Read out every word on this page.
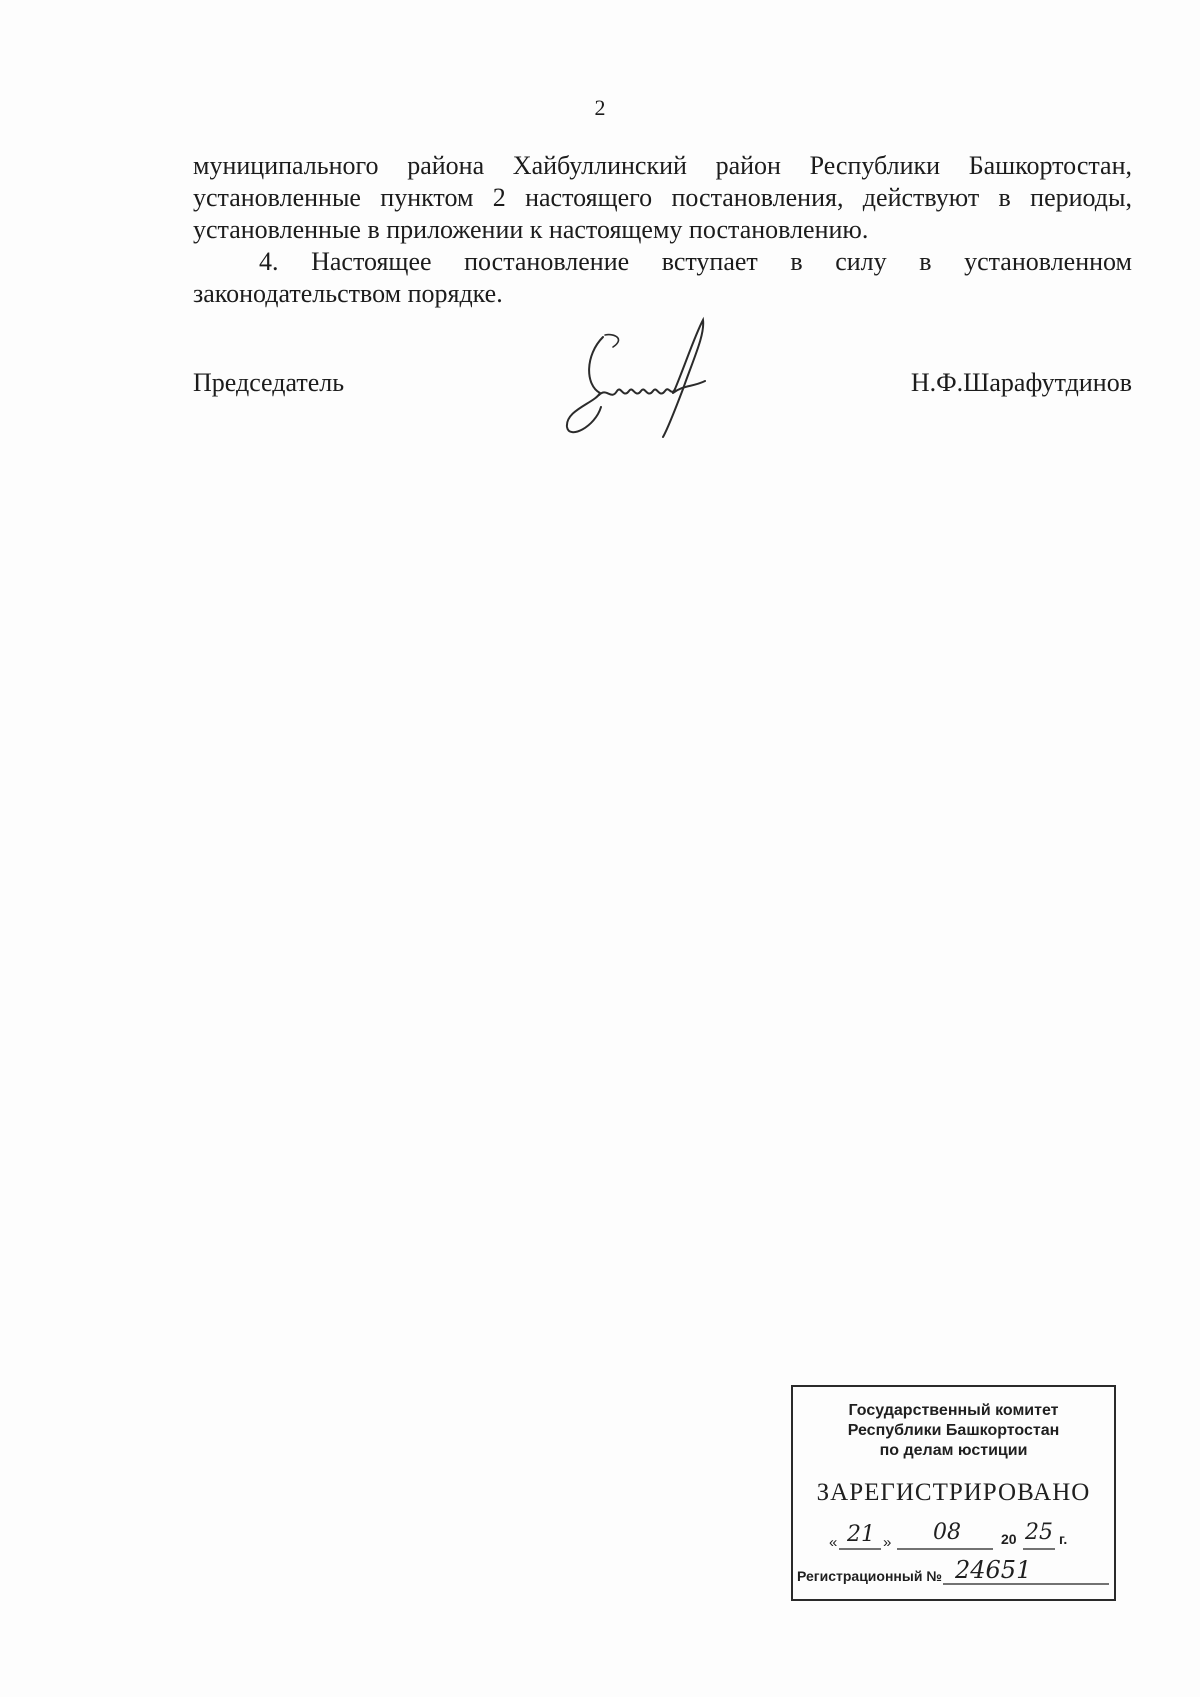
2
муниципального района Хайбуллинский район Республики Башкортостан,
установленные пунктом 2 настоящего постановления, действуют в периоды,
установленные в приложении к настоящему постановлению.
4. Настоящее постановление вступает в силу в установленном
законодательством порядке.
Председатель	Н.Ф.Шарафутдинов
Государственный комитет
Республики Башкортостан
по делам юстиции
ЗАРЕГИСТРИРОВАНО
«	»
21	08	20 25 г.
Регистрационный № 24651
